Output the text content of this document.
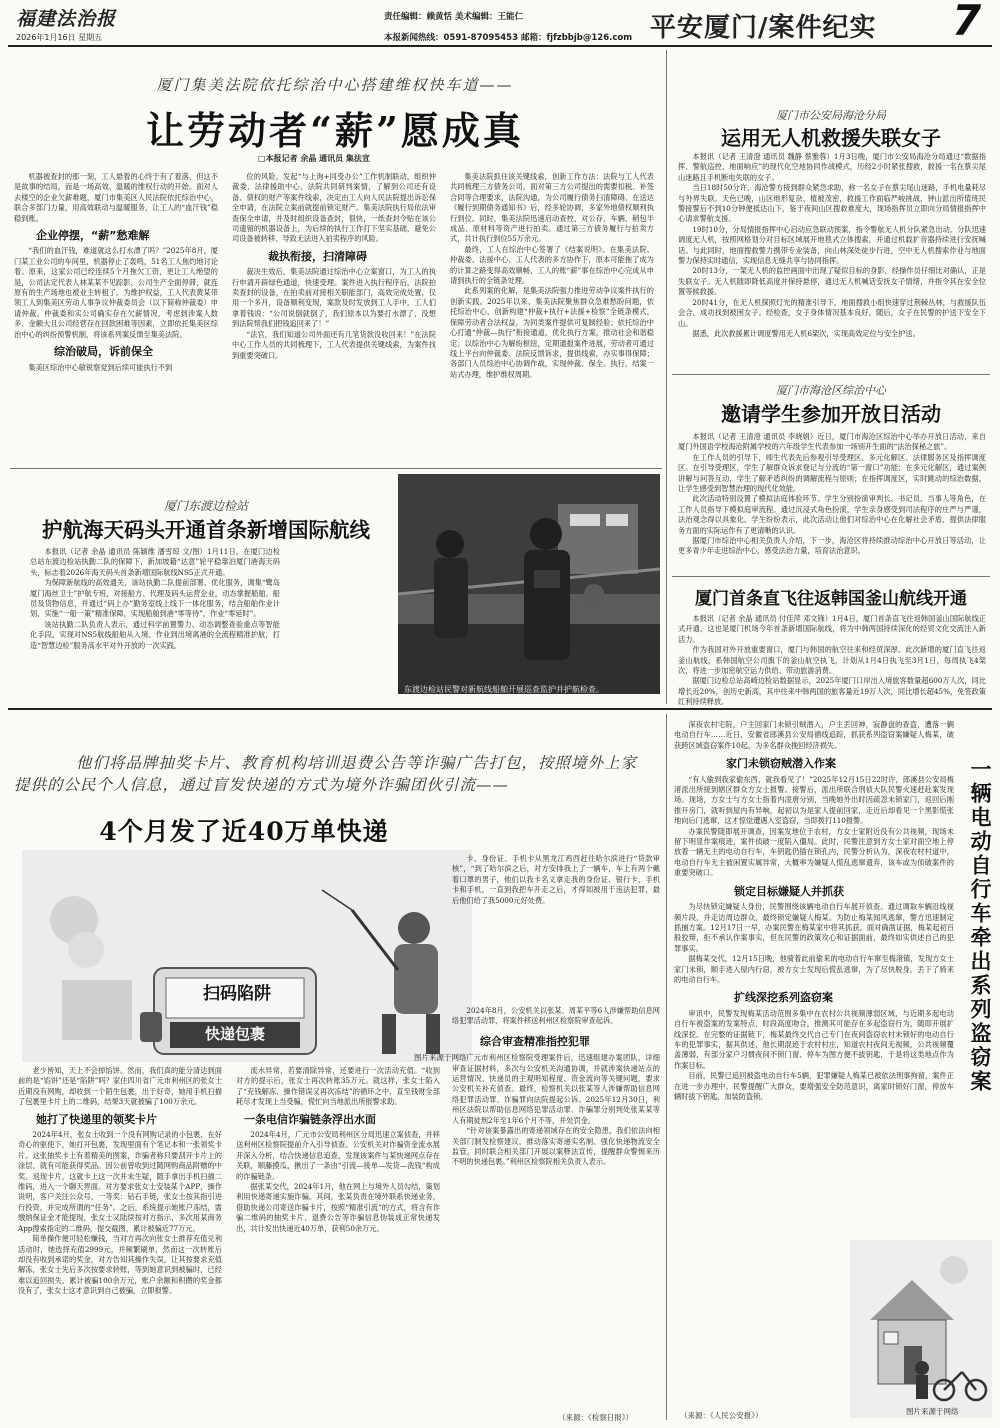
福建法治报
2026年1月16日 星期五
责任编辑：赖黄恬 美术编辑：王能仁
本报新闻热线：0591-87095453 邮箱：fjfzbbjb@126.com 平安厦门/案件纪实 7
厦门集美法院依托综治中心搭建维权快车道——
让劳动者“薪”愿成真
□本报记者 余晶 通讯员 集法宣

机器被查封的那一刻，工人悬着的心终于有了着落，但这不是故事的结局，而是一场高效、温暖的维权行动的开始。面对人去楼空的企业欠薪难题，厦门市集美区人民法院依托综治中心，联合多部门力量，用高效联动与温暖服务，让工人的“血汗钱”稳稳到账。

企业停摆，“薪”愁难解

“我们的血汗钱，难道就这么打水漂了吗？”2025年8月，厦门某工业公司的车间里，机器停止了轰鸣，51名工人焦灼地讨论着。原来，这家公司已经连续5个月拖欠工资，更让工人绝望的是，公司法定代表人林某某不见踪影，公司生产全面停滞，就连原有的生产场地也被业主转租了。为维护权益，工人代表黄某带领工人到集美区劳动人事争议仲裁委员会（以下简称仲裁委）申请仲裁。仲裁委和实公司确实存在欠薪情况，考虑到涉案人数多、金额大且公司经营存在回款困难等因素，立即依托集美区综治中心的纠纷预警机制，将该系列案反馈至集美法院。

综治破局，诉前保全

集美区综治中心敏锐察觉到后续可能执行不到

位的风险，发起“与上询+同受办公”工作机制联动，组织仲裁委、法律援助中心、法院共同研判案情，了解到公司还有设备、债权的财产等案件线索，决定由工人向人民法院提出诉讼保全申请，在法院立案前就提前锁定财产。集美法院执行局依法审查保全申请，并及时组织设备查封，很快，一纸查封令贴在该公司遗留的机器设备上，为后续的执行工作打下坚实基础，避免公司设备被转移、导致无法进入拍卖程序的风险。

裁执衔接，扫清障碍

裁决生效后，集美法院通过综治中心立案窗口，为工人的执行申请开辟绿色通道，快速受理。案件进入执行程序后，法院拍卖查封的设备，在拍卖前对接相关职能部门，高效完成处置，仅用一个多月，设备顺利变现，案款及时发放到工人手中，工人们拿着钱说：“公司说倒就倒了，我们原本以为要打水漂了，没想到法院帮我们把钱追回来了！”

“法官，我们知道公司外面还有几笔货款没收回来！”在法院中心工作人员的共同梳理下，工人代表提供关键线索，为案件找到重要突破口。

集美法院抓住该关键线索，创新工作方法：法院与工人代表共同梳理三方债务公司，面对第三方公司提出的需要扣税、补签合同等合理要求，法院沟通，为公司履行债务扫清障碍。在送达《履行到期债务通知书》后，经多轮协调，多家外地债权顺利执行到位。同时，集美法院迅速启动查控、对公存、车辆、稍包半成品、原材料等资产进行拍卖。通过第三方债务履行与拍卖方式，共计执行到位55万余元。

最终，工人在综治中心签署了《结案说明》。在集美法院、仲裁委、法援中心、工人代表的多方协作下，原本可能拖了成为的计算之路变得高效顺畅，工人的账“薪”事在综治中心完成从申请到执行的全链条处理。

此系列案的化解，是集美法院强力推进劳动争议案件执行的创新实践。2025年以来，集美法院聚焦群众急难愁盼问题，依托综治中心，创新构建“仲裁+执行+法援+检察”全链条模式，保障劳动者合法权益，为同类案件提供可复制经验；依托综治中心打通“仲裁—执行”衔接通道，优化执行方案，推动社会和谐稳定；以综治中心为解纷枢纽，定期通报案件进展，劳动者可通过线上平台向仲裁委、法院反馈诉求，提供线索，办实事得保障；各部门人员综治中心协调作战，实现仲裁、保全、执行，结案一站式办理，维护维权周期。

厦门东渡边检站
护航海天码头开通首条新增国际航线

本报讯（记者 余晶 通讯员 陈颖维 潘雪琼 文/图）1月11日，在厦门边检总站东渡边检站执勤二队的保障下，新加坡籍“达意”轮平稳靠泊厦门港海天码头，标志着2026年海天码头首条新增国际航线NS5正式开通。

为保障新航线的高效通关，该站执勤二队提前部署、优化服务，调集“鹭岛厦门海丝卫士”护航专班，对接船方、代理及码头运营企业，动态掌握船舶、船员及货物信息，并通过“码上办”勤务室线上线下一体化服务，结合船舶作业计划，实施“一船一策”精准保障，实现船舶到港“零等待”，作业“零延时”。

该站执勤二队负责人表示，通过科学前置警力、动态调整查验重点等智能化手段，实现对NS5航线船舶从入境、作业到出境离港的全流程精准护航，打造“智慧边检”服务高水平对外开放的一次实践。

东渡边检站民警对新航线船舶开展巡查监护并护航检查。
厦门市公安局海沧分局
运用无人机救援失联女子

本报讯（记者 王清澄 通讯员 魏静 蔡雅蓉）1月3日晚，厦门市公安局海沧分局通过“数据指挥、警航巡控、地面响应”的现代化空地协同作战模式，历经2小时紧张搜救，救援一名在蔡尖尾山迷路且手机断电失联的女子。

当日18时50分许，海沧警方接到群众紧急求助，称一名女子在蔡尖尾山迷路，手机电量耗尽与外界失联。天色已晚，山区地形复杂、植被茂密，救援工作面临严峻挑战，钟山派出所值班民警接警后不到10分钟便抵达山下，鉴于夜间山区搜救难度大，现场指挥员立即向分局情报指挥中心请求警航支援。

19时10分，分局情报指挥中心启动应急联动预案，指令警航无人机分队紧急出动。分队迅速调度无人机，按照网格划分对目标区域展开地毯式立体搜索，并通过机载扩音器持续进行安抚喊话。与此同时，地面搜救警力携带专业装备，向山林深处徒步行进，空中无人机搜索作业与地面警力保持实时通信，实现信息无缝共享与协同指挥。

20时13分，一架无人机的监控画面中出现了疑似目标的身影，经操作员仔细比对确认，正是失联女子。无人机随即降低高度并保持悬停，通过无人机喊话安抚女子情绪，并指令其在安全位置等候救援。

20时41分，在无人机探照灯光的精准引导下，地面搜救小组快速穿过荆棘丛林，与救援队伍会合，成功找到被困女子。经检查，女子身体情况基本良好，随后，女子在民警的护送下安全下山。

据悉，此次救援累计调度警用无人机6架次，实现高效定位与安全护送。

厦门市海沧区综治中心
邀请学生参加开放日活动

本报讯（记者 王清澄 通讯员 李晓娟）近日，厦门市海沧区综治中心举办开放日活动，来自厦门外国语学校海沧附属学校的六年级学生代表参加一场别开生面的“法治探秘之旅”。

在工作人员的引导下，师生代表先后参观引导受理区、多元化解区、法律服务区及指挥调度区。在引导受理区，学生了解群众诉求登记与分流的“第一窗口”功能；在多元化解区，通过案例讲解与问答互动，学生了解矛盾纠纷的调解流程与原则；在指挥调度区，实时跳动的综治数据，让学生感受到智慧治理的现代化效能。

此次活动特别设置了模拟法庭体验环节。学生分别扮演审判长、书记员、当事人等角色，在工作人员指导下模拟庭审流程。通过沉浸式角色扮演，学生亲身感受到司法程序的庄严与严谨，法治观念得以具象化。学生纷纷表示，此次活动让他们对综治中心在化解社会矛盾、提供法律服务方面的实际运作有了更清晰的认识。

据厦门市综治中心相关负责人介绍，下一步，海沧区将持续推动综治中心开放日等活动，让更多青少年走进综治中心，感受法治力量，培育法治意识。

厦门首条直飞往返韩国釜山航线开通

本报讯（记者 余晶 通讯员 付佳萍 邓文锋）1月4日，厦门首条直飞往返韩国釜山国际航线正式开通，这也是厦门机场今年首条新增国际航线，将为中韩两国持续深化的经贸文化交流注入新活力。

作为我国对外开放重要窗口，厦门与韩国的航空往来和经贸深厚。此次新增的厦门直飞往返釜山航线，系韩国航空公司旗下的釜山航空执飞，计划从1月4日执飞至3月1日，每周执飞4架次，将进一步加密航空运力供给、带动旅游消费。

据厦门边检总站高崎边检站数据显示，2025年厦门口岸出入境旅客数量超600万人次，同比增长近20%，创历史新高，其中往来中韩两国的旅客量近19万人次，同比增长超45%，免签政策红利持续释放。

他们将品牌抽奖卡片、教育机构培训退费公告等诈骗广告打包，按照境外上家提供的公民个人信息，通过盲发快递的方式为境外诈骗团伙引流——
4个月发了近40万单快递
扫码陷阱
快递包裹
图片来源于网络

老少皆知，天上不会掉馅饼。然而，我们真的能分清达到面前的是“馅饼”还是“陷阱”吗？家住四川省广元市利州区的张女士近期没有网购，却收到一个陌生包裹，出于好奇，她用手机扫描了包裹里卡片上的二维码，结果3天就被骗了100万余元。

她打了快递里的领奖卡片

2024年4月，张女士收到一个没有网购记录的小包裹，在好奇心的驱使下，她打开包裹，发现里面有个笔记本和一张领奖卡片。这张抽奖卡上有着精美的图案，诈骗者称只要刮开卡片上的涂层，就有可能获得奖品。因公前曾收到过随网购商品附赠的中奖、返现卡片，这就卡上这一次并未生疑，随手拿出手机扫描二维码，进入一个聊天界面。对方要求张女士安装某个APP，操作说明，客户关注公众号，一等奖：钻石手链，张女士按其指引进行投资，并完成所谓的“任务”。之后，系统提示她账户冻结，需缴纳保证金才能提现，张女士又陆续按对方指示，多次用某商务App搜索指定的二维码，提交截图，累计被骗近77万元。

简单操作便可轻松赚钱，当对方再次向张女士推荐充值兑利活动时，她选择充值2999元，并频繁刷单，然而这一次转账后却没有收到承诺的奖金，对方告知其操作失误，让其按要求充值解冻，张女士先后多次按要求转账，等到她意识到被骗时，已经难以追回损失，累计被骗100余万元，账户余额和积攒的奖金都没有了，张女士这才意识到自己被骗，立即报警。

流水异常，若要清除异常，还要进行一次活动充值。“收到对方的提示后，张女士再次转账35万元。就这样，张女士陷入了“充钱解冻、操作错误又再次冻结”的循环之中，直至钱财全部耗尽才发现上当受骗，慌忙向当地派出所报警求助。

一条电信诈骗链条浮出水面

2024年4月，广元市公安局利州区分局迅速立案侦查，并移送利州区检察院提前介入引导侦查。公安机关对诈骗资金流水展开深入分析，结合快递信息追查，发现该案件与某快递网点存在关联，顺藤摸瓜，揪出了一条由“引流—接单—发货—洗钱”构成的诈骗链条。

据张某交代，2024年1月，他在网上与境外人员勾结，策划利用快递寄递实施诈骗。其间，张某负责在境外联系快递业务，借助快递公司寄送诈骗卡片，按照“精准引流”的方式，将含有诈骗二维码的抽奖卡片、退费公告等诈骗信息伪装成正常快递发出，共计发出快递近40万单，获利50余万元。

卡、身份证、手机卡从黑龙江鸡西赶往哈尔滨进行“贷款审核”，“到了哈尔滨之后，对方安排我上了一辆车，车上有两个戴着口罩的男子，他们以我卡名义拿走我的身份证、银行卡、手机卡和手机，一直到我把车开走之后，才得知被用于违法犯罪，最后他们给了我5000元好处费。

2024年8月，公安机关以张某、周某平等6人涉嫌帮助信息网络犯罪活动罪，将案件移送利州区检察院审查起诉。

综合审查精准指控犯罪

广元市利州区检察院受理案件后，迅速组建办案团队，详细审查证据材料，多次与公安机关沟通协调，并就涉案快递站点的运营情况、快递员的主观明知程度、资金流向等关键问题，要求公安机关补充侦查。最终，检察机关以张某等人涉嫌帮助信息网络犯罪活动罪、诈骗罪向法院提起公诉。2025年12月30日，利州区法院以帮助信息网络犯罪活动罪、诈骗罪分别判处张某某等人有期徒刑2年至1年6个月不等，并处罚金。

“针对该案暴露出的寄递领域存在的安全隐患，我们依法向相关部门制发检察建议，推动落实寄递实名制、强化快递物流安全监管，同时联合相关部门开展以案释法宣传，提醒群众警惕来历不明的快递包裹。”利州区检察院相关负责人表示。

（来源：《检察日报》）
一辆电动自行车牵出系列盗窃案

深夜农村宅院，户主回家门未锁引贼潜入，户主丢回神，寂静盘的查盗，遭落一辆电动自行车……近日，安徽省郎溪县公安局循线追踪，抓获系列盗窃案嫌疑人梅某，破获跨区域盗窃案件10起，为多名群众挽回经济损失。

家门未锁窃贼潜入作案

“有人偷到我家偷东西，就我看见了！”2025年12月15日22时许，郎溪县公安局梅渚派出所接到辖区群众方女士报警。接警后，派出所联合刑侦大队民警火速赶赴案发现场。现场，方女士与方女士指着内凌唐分别，当晚她外出时因疏忽未锁家门，返回后刚推开房门，就听到屋内有异响，起初以为是家人提前回家，走近后却看见一个黑影慌张地向后门逃窜，这才惊觉遭遇入室盗窃，当即拨打110报警。

办案民警随即展开调查，因案发地位于农村，方女士家附近没有公共视频，现场未留下明显作案痕迹，案件侦破一度陷入僵局。此时，民警注意到方女士家对面空地上停放着一辆无主的电动自行车，车钥匙仍插在锁孔内，民警分析认为，深夜农村村道中，电动自行车无主被闲置实属异常，大概率为嫌疑人慌乱逃窜遗弃，该车或为侦破案件的重要突破口。

锁定目标嫌疑人并抓获

为尽快锁定嫌疑人身份，民警围绕该辆电动自行车展开侦查。通过调取车辆沿线视频片段，并走访周边群众，最终锁定嫌疑人梅某。为防止梅某闻风逃窜，警方迅速制定抓捕方案。12月17日一早，办案民警在梅某家中将其抓获。面对确凿证据，梅某起初百般狡辩，拒不承认作案事实，但在民警的政策攻心和证据面前，最终如实供述自己的犯罪事实。

据梅某交代，12月15日晚，他骑着此前偷来的电动自行车窜至梅渚镇，发现方女士家门未锁，顺手进入屋内行窃，被方女士发现后慌乱逃窜，为了尽快脱身，丢下了骑来的电动自行车。

扩线深挖系列盗窃案

审讯中，民警发现梅某活动范围多集中在农村公共视频薄弱区域，与近期多起电动自行车被盗案的发案特点、时段高度吻合，推测其可能存在多起盗窃行为，随即开展扩线深挖。在完整的证据链下，梅某最终交代自己专门在夜间盗窃农村未锁好的电动自行车的犯罪事实，据其供述，他长期混迹于农村村庄，知道农村夜间无视频，公共视频覆盖薄弱，有部分家户习惯夜间不锁门窗、停车为图方便不拔钥匙，于是将这类地点作为作案目标。

目前，民警已追回被盗电动自行车5辆，犯罪嫌疑人梅某已被依法刑事拘留，案件正在进一步办理中。民警提醒广大群众，要增强安全防范意识，离家时锁好门窗，停放车辆时拔下钥匙、加装防盗锁。

（来源：《人民公安报》）	图片来源于网络
